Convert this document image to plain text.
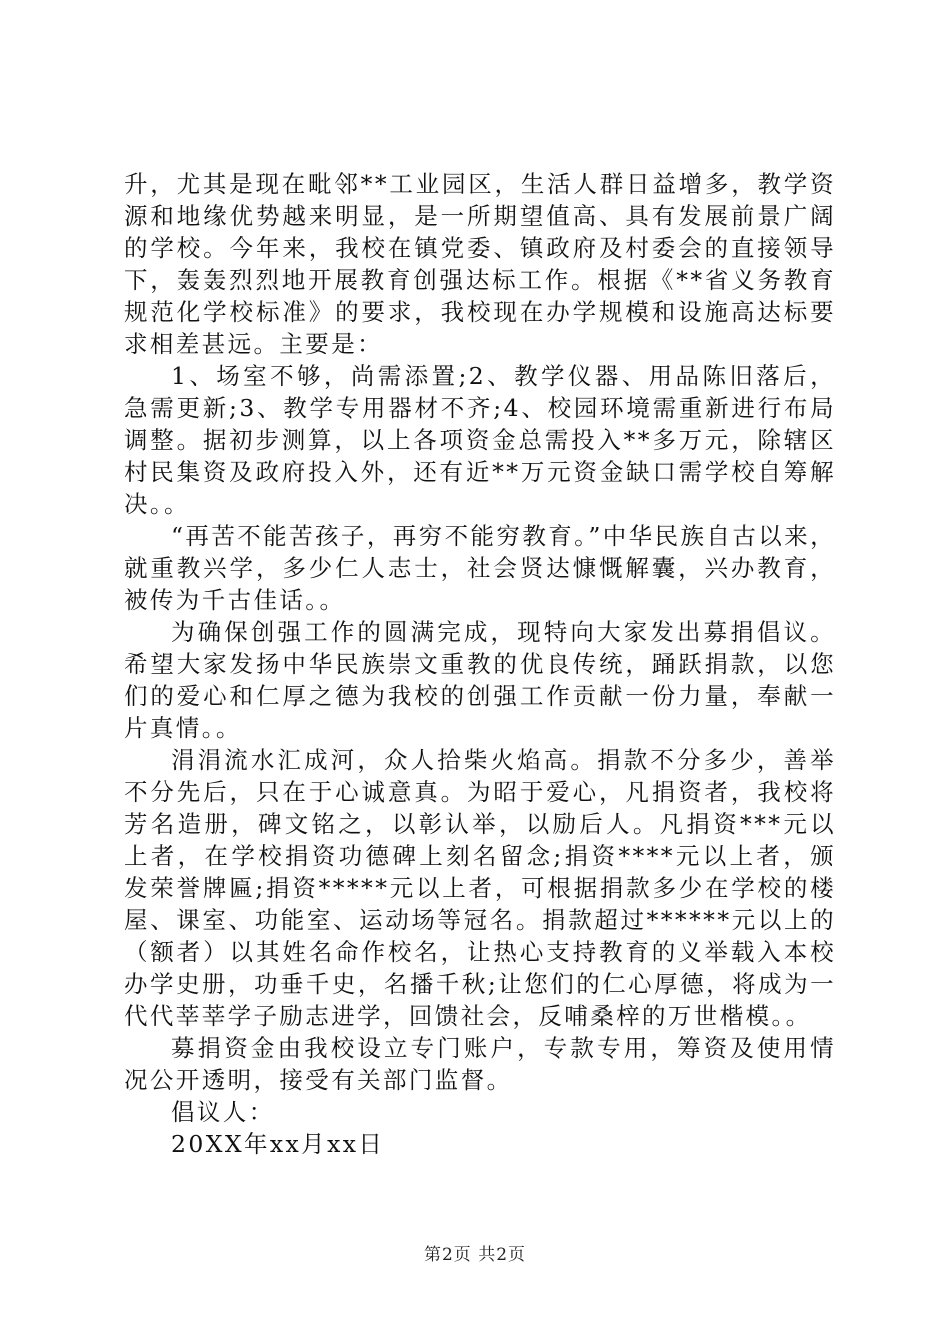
升，尤其是现在毗邻**工业园区，生活人群日益增多，教学资源和地缘优势越来明显，是一所期望值高、具有发展前景广阔的学校。今年来，我校在镇党委、镇政府及村委会的直接领导下，轰轰烈烈地开展教育创强达标工作。根据《**省义务教育规范化学校标准》的要求，我校现在办学规模和设施高达标要求相差甚远。主要是：

1、场室不够，尚需添置;2、教学仪器、用品陈旧落后，急需更新;3、教学专用器材不齐;4、校园环境需重新进行布局调整。据初步测算，以上各项资金总需投入**多万元，除辖区村民集资及政府投入外，还有近**万元资金缺口需学校自筹解决。。

“再苦不能苦孩子，再穷不能穷教育。”中华民族自古以来，就重教兴学，多少仁人志士，社会贤达慷慨解囊，兴办教育，被传为千古佳话。。

为确保创强工作的圆满完成，现特向大家发出募捐倡议。希望大家发扬中华民族崇文重教的优良传统，踊跃捐款，以您们的爱心和仁厚之德为我校的创强工作贡献一份力量，奉献一片真情。。

涓涓流水汇成河，众人拾柴火焰高。捐款不分多少，善举不分先后，只在于心诚意真。为昭于爱心，凡捐资者，我校将芳名造册，碑文铭之，以彰认举，以励后人。凡捐资***元以上者，在学校捐资功德碑上刻名留念;捐资****元以上者，颁发荣誉牌匾;捐资*****元以上者，可根据捐款多少在学校的楼屋、课室、功能室、运动场等冠名。捐款超过******元以上的（额者）以其姓名命作校名，让热心支持教育的义举载入本校办学史册，功垂千史，名播千秋;让您们的仁心厚德，将成为一代代莘莘学子励志进学，回馈社会，反哺桑梓的万世楷模。。

募捐资金由我校设立专门账户，专款专用，筹资及使用情况公开透明，接受有关部门监督。

倡议人：

20XX年xx月xx日

第2页 共2页
